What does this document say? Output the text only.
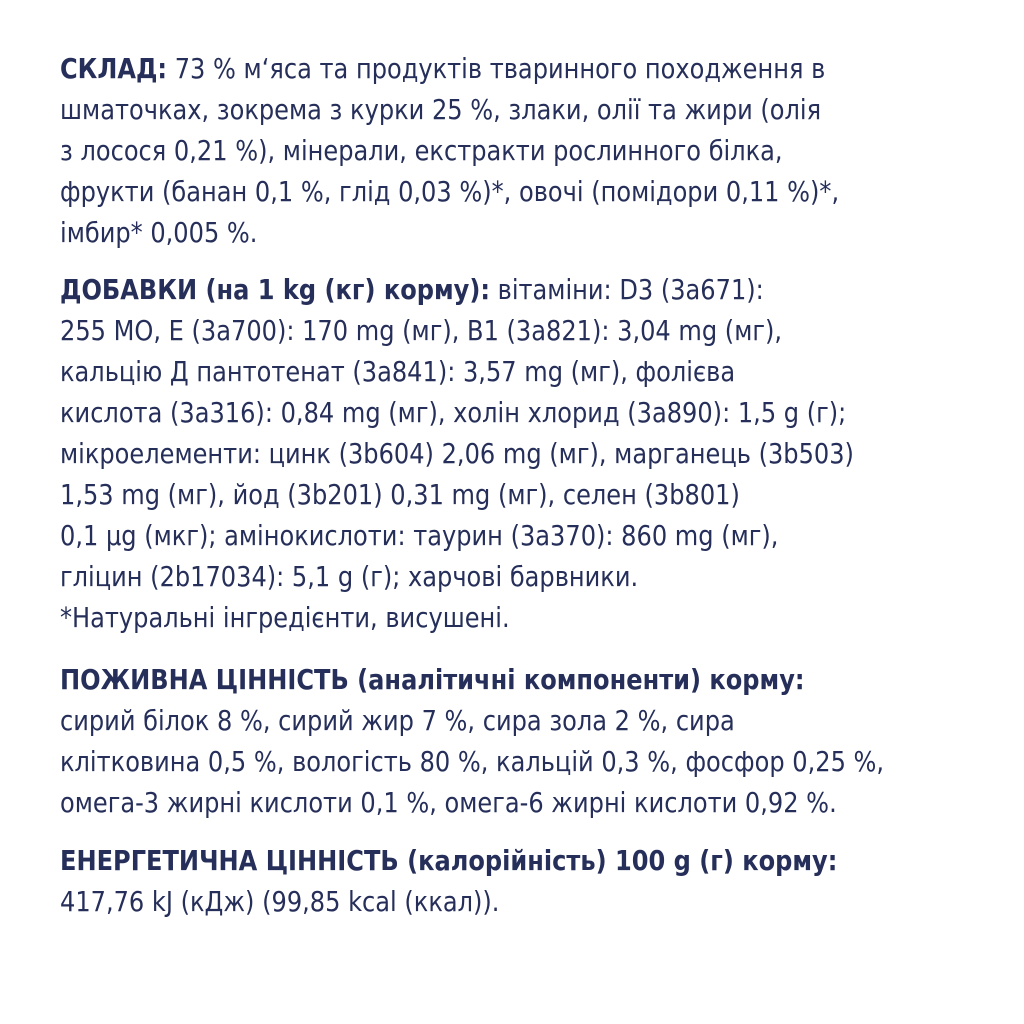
СКЛАД: 73 % м‘яса та продуктів тваринного походження в
шматочках, зокрема з курки 25 %, злаки, олії та жири (олія
з лосося 0,21 %), мінерали, екстракти рослинного білка,
фрукти (банан 0,1 %, глід 0,03 %)*, овочі (помідори 0,11 %)*,
імбир* 0,005 %.
ДОБАВКИ (на 1 kg (кг) корму): вітаміни: D3 (3a671):
255 МО, E (3a700): 170 mg (мг), B1 (3a821): 3,04 mg (мг),
кальцію Д пантотенат (3a841): 3,57 mg (мг), фолієва
кислота (3a316): 0,84 mg (мг), холін хлорид (3a890): 1,5 g (г);
мікроелементи: цинк (3b604) 2,06 mg (мг), марганець (3b503)
1,53 mg (мг), йод (3b201) 0,31 mg (мг), селен (3b801)
0,1 µg (мкг); амінокислоти: таурин (3a370): 860 mg (мг),
гліцин (2b17034): 5,1 g (г); харчові барвники.
*Натуральні інгредієнти, висушені.
ПОЖИВНА ЦІННІСТЬ (аналітичні компоненти) корму:
сирий білок 8 %, сирий жир 7 %, сира зола 2 %, сира
клітковина 0,5 %, вологість 80 %, кальцій 0,3 %, фосфор 0,25 %,
омега-3 жирні кислоти 0,1 %, омега-6 жирні кислоти 0,92 %.
ЕНЕРГЕТИЧНА ЦІННІСТЬ (калорійність) 100 g (г) корму:
417,76 kJ (кДж) (99,85 kcal (ккал)).
